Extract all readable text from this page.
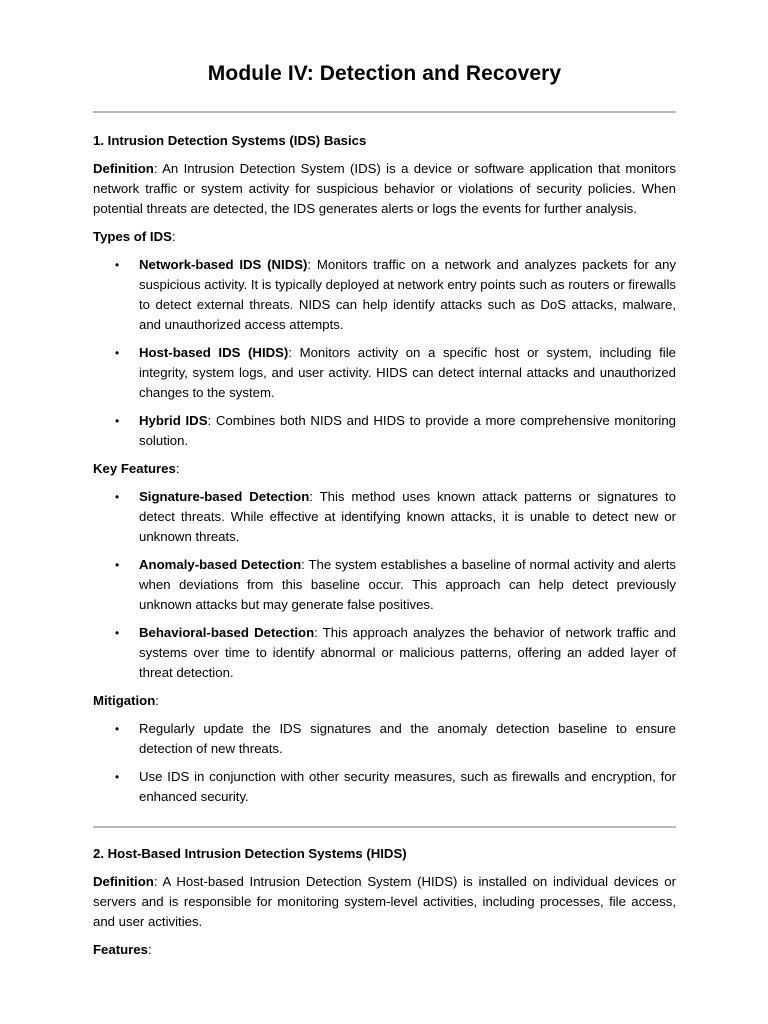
Module IV: Detection and Recovery
1. Intrusion Detection Systems (IDS) Basics

Definition: An Intrusion Detection System (IDS) is a device or software application that monitors network traffic or system activity for suspicious behavior or violations of security policies. When potential threats are detected, the IDS generates alerts or logs the events for further analysis.

Types of IDS:
• Network-based IDS (NIDS): Monitors traffic on a network and analyzes packets for any suspicious activity. It is typically deployed at network entry points such as routers or firewalls to detect external threats. NIDS can help identify attacks such as DoS attacks, malware, and unauthorized access attempts.
• Host-based IDS (HIDS): Monitors activity on a specific host or system, including file integrity, system logs, and user activity. HIDS can detect internal attacks and unauthorized changes to the system.
• Hybrid IDS: Combines both NIDS and HIDS to provide a more comprehensive monitoring solution.
Key Features:
• Signature-based Detection: This method uses known attack patterns or signatures to detect threats. While effective at identifying known attacks, it is unable to detect new or unknown threats.
• Anomaly-based Detection: The system establishes a baseline of normal activity and alerts when deviations from this baseline occur. This approach can help detect previously unknown attacks but may generate false positives.
• Behavioral-based Detection: This approach analyzes the behavior of network traffic and systems over time to identify abnormal or malicious patterns, offering an added layer of threat detection.
Mitigation:
• Regularly update the IDS signatures and the anomaly detection baseline to ensure detection of new threats.
• Use IDS in conjunction with other security measures, such as firewalls and encryption, for enhanced security.
2. Host-Based Intrusion Detection Systems (HIDS)

Definition: A Host-based Intrusion Detection System (HIDS) is installed on individual devices or servers and is responsible for monitoring system-level activities, including processes, file access, and user activities.

Features:
